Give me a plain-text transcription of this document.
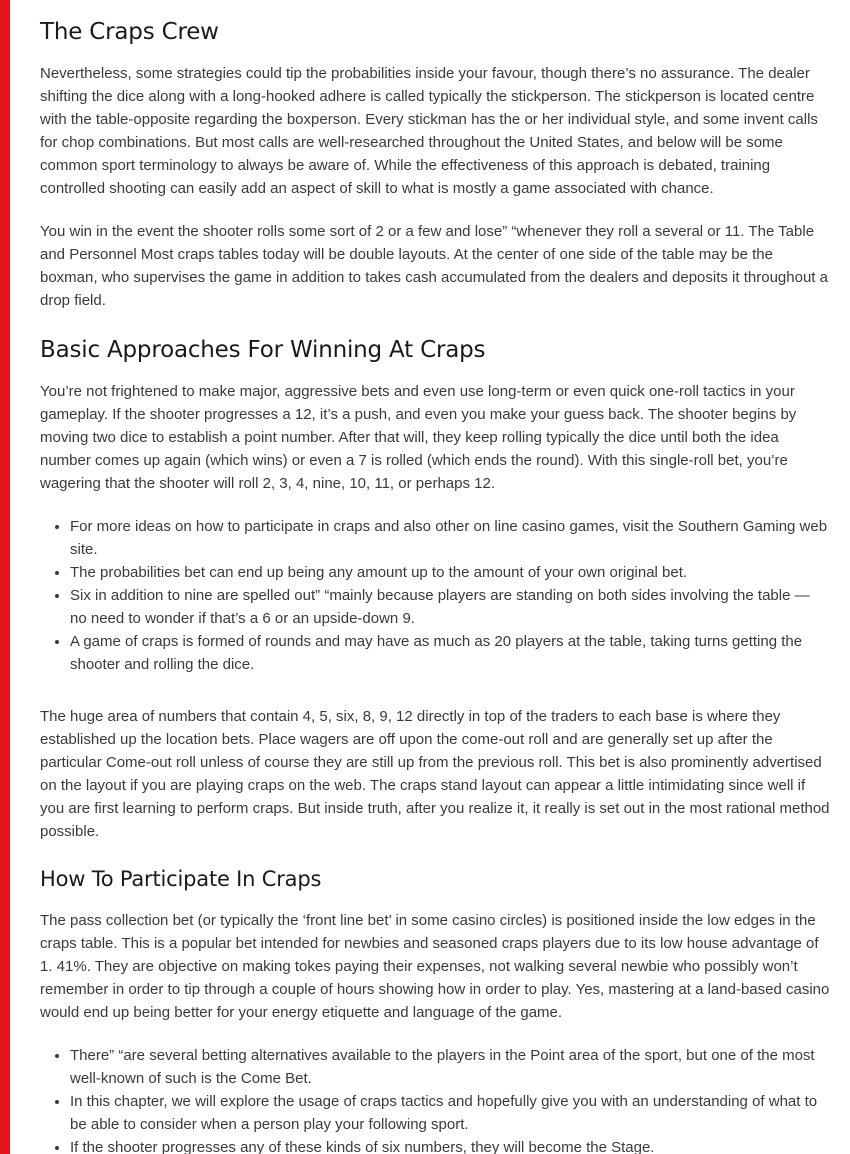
The Craps Crew

Nevertheless, some strategies could tip the probabilities inside your favour, though there’s no assurance. The dealer shifting the dice along with a long-hooked adhere is called typically the stickperson. The stickperson is located centre with the table-opposite regarding the boxperson. Every stickman has the or her individual style, and some invent calls for chop combinations. But most calls are well-researched throughout the United States, and below will be some common sport terminology to always be aware of. While the effectiveness of this approach is debated, training controlled shooting can easily add an aspect of skill to what is mostly a game associated with chance.

You win in the event the shooter rolls some sort of 2 or a few and lose” “whenever they roll a several or 11. The Table and Personnel Most craps tables today will be double layouts. At the center of one side of the table may be the boxman, who supervises the game in addition to takes cash accumulated from the dealers and deposits it throughout a drop field.

Basic Approaches For Winning At Craps

You’re not frightened to make major, aggressive bets and even use long-term or even quick one-roll tactics in your gameplay. If the shooter progresses a 12, it’s a push, and even you make your guess back. The shooter begins by moving two dice to establish a point number. After that will, they keep rolling typically the dice until both the idea number comes up again (which wins) or even a 7 is rolled (which ends the round). With this single-roll bet, you’re wagering that the shooter will roll 2, 3, 4, nine, 10, 11, or perhaps 12.

• For more ideas on how to participate in craps and also other on line casino games, visit the Southern Gaming web site.
• The probabilities bet can end up being any amount up to the amount of your own original bet.
• Six in addition to nine are spelled out” “mainly because players are standing on both sides involving the table — no need to wonder if that’s a 6 or an upside-down 9.
• A game of craps is formed of rounds and may have as much as 20 players at the table, taking turns getting the shooter and rolling the dice.

The huge area of numbers that contain 4, 5, six, 8, 9, 12 directly in top of the traders to each base is where they established up the location bets. Place wagers are off upon the come-out roll and are generally set up after the particular Come-out roll unless of course they are still up from the previous roll. This bet is also prominently advertised on the layout if you are playing craps on the web. The craps stand layout can appear a little intimidating since well if you are first learning to perform craps. But inside truth, after you realize it, it really is set out in the most rational method possible.

How To Participate In Craps

The pass collection bet (or typically the ‘front line bet’ in some casino circles) is positioned inside the low edges in the craps table. This is a popular bet intended for newbies and seasoned craps players due to its low house advantage of 1. 41%. They are objective on making tokes paying their expenses, not walking several newbie who possibly won’t remember in order to tip through a couple of hours showing how in order to play. Yes, mastering at a land-based casino would end up being better for your energy etiquette and language of the game.

• There” “are several betting alternatives available to the players in the Point area of the sport, but one of the most well-known of such is the Come Bet.
• In this chapter, we will explore the usage of craps tactics and hopefully give you with an understanding of what to be able to consider when a person play your following sport.
• If the shooter progresses any of these kinds of six numbers, they will become the Stage.
